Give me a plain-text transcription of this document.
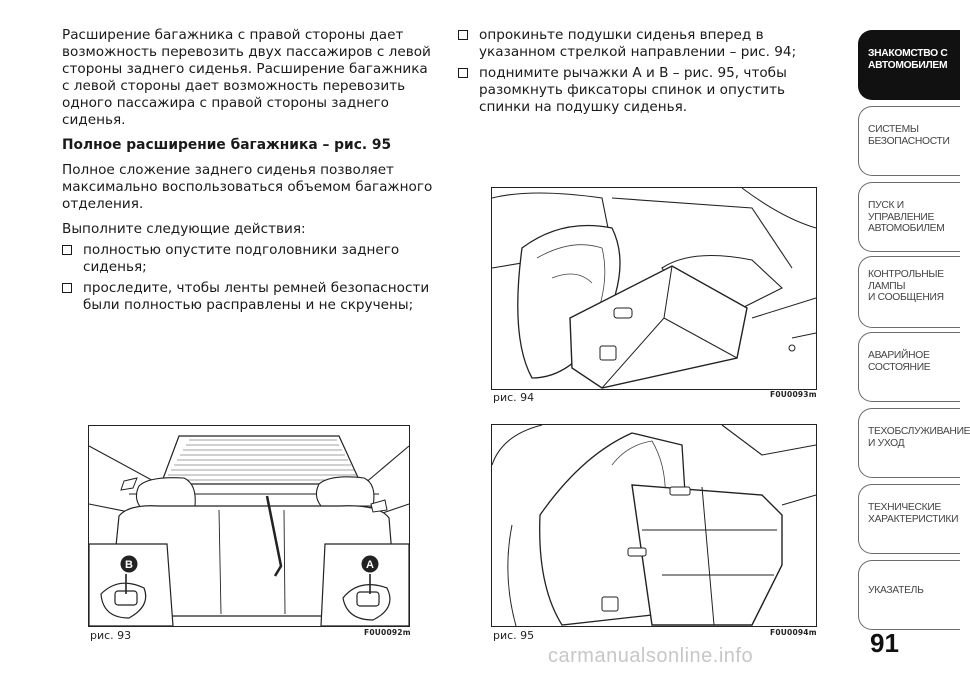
Расширение багажника с правой стороны дает возможность перевозить двух пассажиров с левой стороны заднего сиденья. Расширение багажника с левой стороны дает возможность перевозить одного пассажира с правой стороны заднего сиденья.

Полное расширение багажника – рис. 95

Полное сложение заднего сиденья позволяет максимально воспользоваться объемом багажного отделения.

Выполните следующие действия:

полностью опустите подголовники заднего сиденья;
проследите, чтобы ленты ремней безопасности были полностью расправлены и не скручены;
опрокиньте подушки сиденья вперед в указанном стрелкой направлении – рис. 94;
поднимите рычажки A и B – рис. 95, чтобы разомкнуть фиксаторы спинок и опустить спинки на подушку сиденья.
B	A
рис. 93	F0U0092m
рис. 94	F0U0093m
рис. 95	F0U0094m
ЗНАКОМСТВО С
АВТОМОБИЛЕМ
СИСТЕМЫ
БЕЗОПАСНОСТИ
ПУСК И УПРАВЛЕНИЕ
АВТОМОБИЛЕМ
КОНТРОЛЬНЫЕ
ЛАМПЫ
И СООБЩЕНИЯ
АВАРИЙНОЕ
СОСТОЯНИЕ
ТЕХОБСЛУЖИВАНИЕ
И УХОД
ТЕХНИЧЕСКИЕ
ХАРАКТЕРИСТИКИ
УКАЗАТЕЛЬ
91
carmanualsonline.info
